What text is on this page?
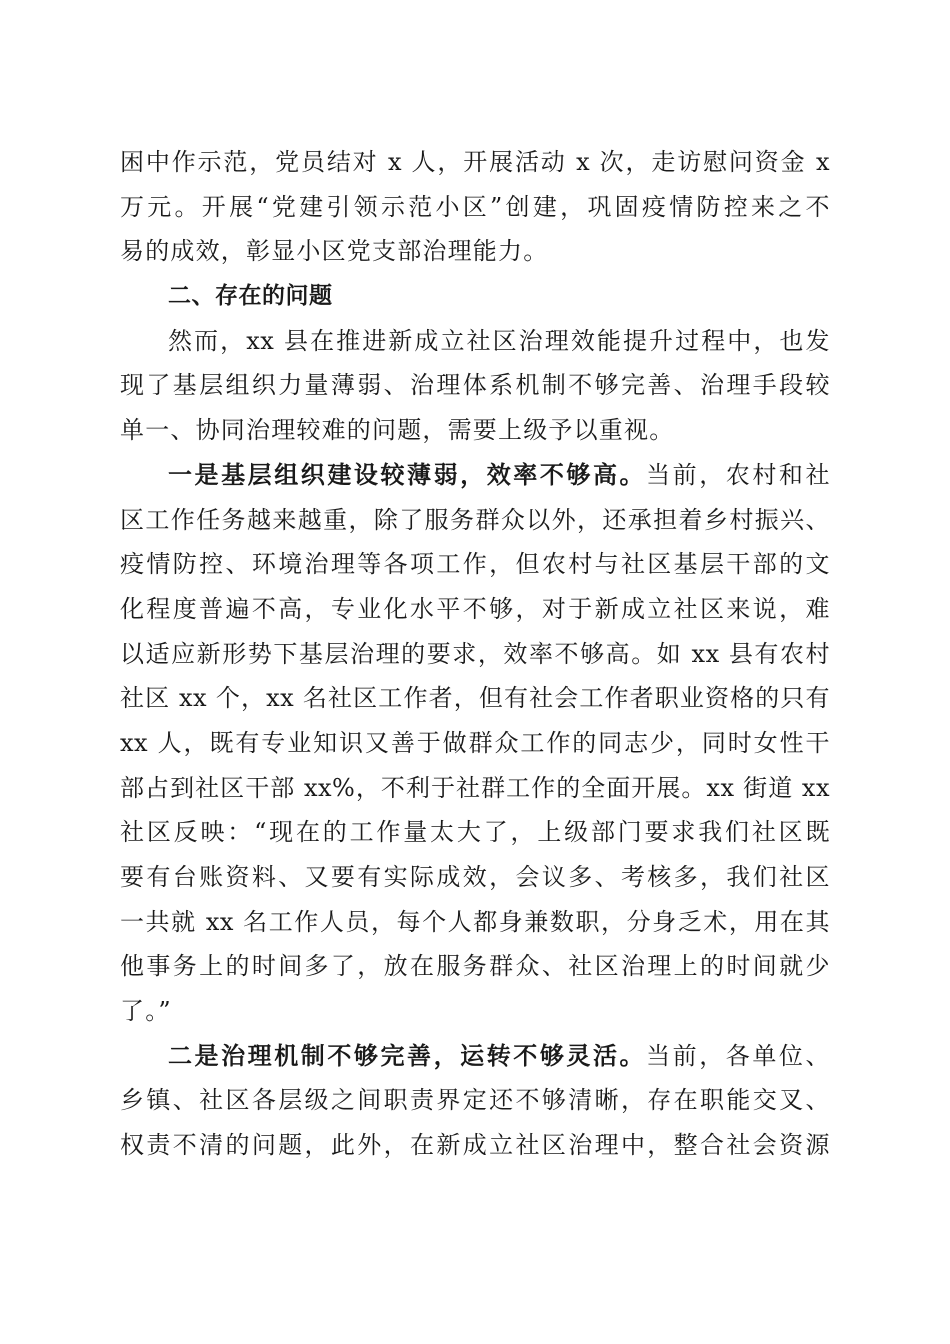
困中作示范，党员结对 x 人，开展活动 x 次，走访慰问资金 x
万元。开展“党建引领示范小区”创建，巩固疫情防控来之不
易的成效，彰显小区党支部治理能力。
二、存在的问题
然而，xx 县在推进新成立社区治理效能提升过程中，也发
现了基层组织力量薄弱、治理体系机制不够完善、治理手段较
单一、协同治理较难的问题，需要上级予以重视。
一是基层组织建设较薄弱，效率不够高。当前，农村和社
区工作任务越来越重，除了服务群众以外，还承担着乡村振兴、
疫情防控、环境治理等各项工作，但农村与社区基层干部的文
化程度普遍不高，专业化水平不够，对于新成立社区来说，难
以适应新形势下基层治理的要求，效率不够高。如 xx 县有农村
社区 xx 个，xx 名社区工作者，但有社会工作者职业资格的只有
xx 人，既有专业知识又善于做群众工作的同志少，同时女性干
部占到社区干部 xx%，不利于社群工作的全面开展。xx 街道 xx
社区反映：“现在的工作量太大了，上级部门要求我们社区既
要有台账资料、又要有实际成效，会议多、考核多，我们社区
一共就 xx 名工作人员，每个人都身兼数职，分身乏术，用在其
他事务上的时间多了，放在服务群众、社区治理上的时间就少
了。”
二是治理机制不够完善，运转不够灵活。当前，各单位、
乡镇、社区各层级之间职责界定还不够清晰，存在职能交叉、
权责不清的问题，此外，在新成立社区治理中，整合社会资源
